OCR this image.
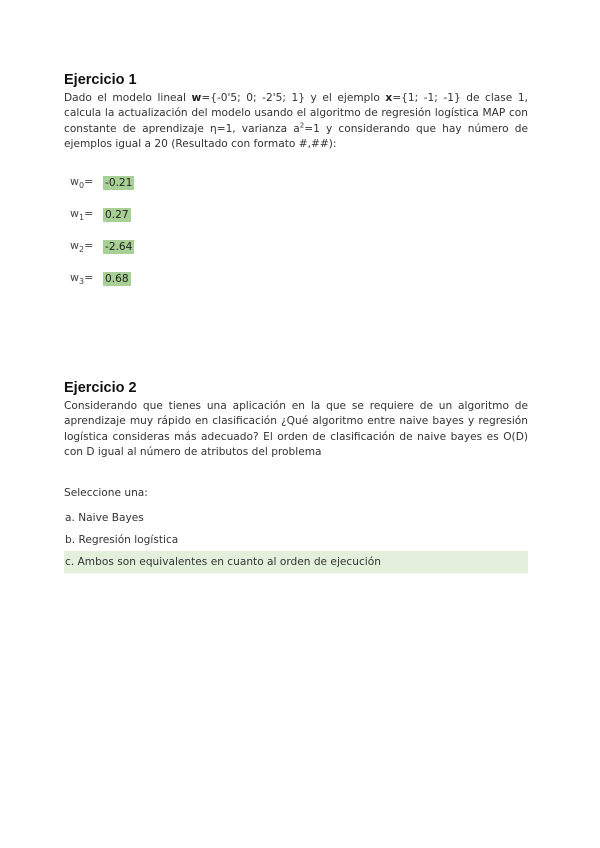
Ejercicio 1

Dado el modelo lineal w={-0'5; 0; -2'5; 1} y el ejemplo x={1; -1; -1} de clase 1, calcula la actualización del modelo usando el algoritmo de regresión logística MAP con constante de aprendizaje η=1, varianza $a^2=1$ y considerando que hay número de ejemplos igual a 20 (Resultado con formato #,##):

$w_0=$	-0.21
$w_1=$	0.27
$w_2=$	-2.64
$w_3=$	0.68
Ejercicio 2

Considerando que tienes una aplicación en la que se requiere de un algoritmo de aprendizaje muy rápido en clasificación ¿Qué algoritmo entre naive bayes y regresión logística consideras más adecuado? El orden de clasificación de naive bayes es O(D) con D igual al número de atributos del problema

Seleccione una:
a. Naive Bayes
b. Regresión logística
c. Ambos son equivalentes en cuanto al orden de ejecución
